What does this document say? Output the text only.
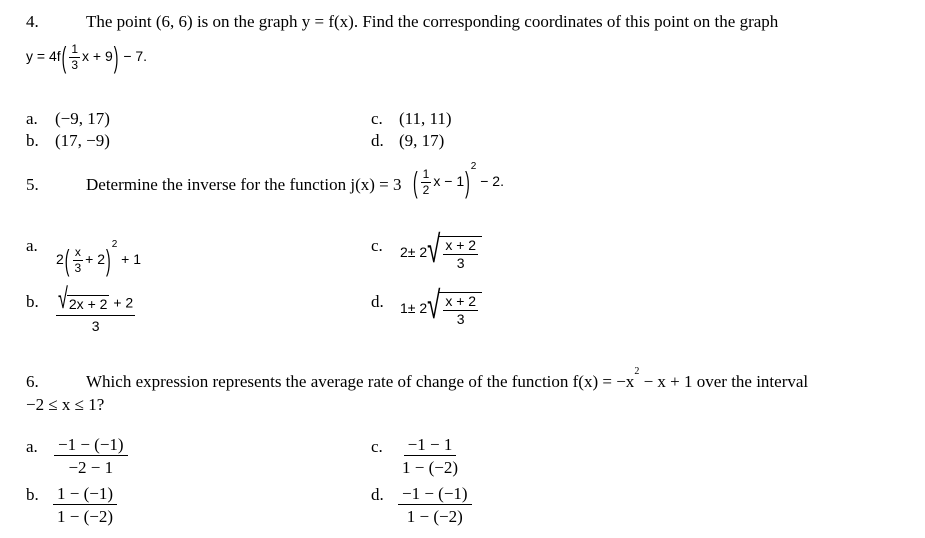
4.	The point (6, 6) is on the graph y = f(x). Find the corresponding coordinates of this point on the graph
$y = 4f( \frac{1}{3}$ x + 9) − 7.
a. (−9, 17)
b. (17, −9)
c. (11, 11)
d. (9, 17)
5.	Determine the inverse for the function j(x) = 3 ( $\frac{1}{2}$ x − 1)$^2$ − 2.
a.
$2( \frac{x}{3} + 2)^2 + 1$
b. √ 2x + 2 + 2
3
c. 2± 2 √ $\frac{x + 2}{3}$
d. 1± 2 √ $\frac{x + 2}{3}$
6.	Which expression represents the average rate of change of the function $f(x) = -x^2 - x + 1$ over the interval
−2 ≤ x ≤ 1?
a. $\frac{-1 - (-1)}{-2 - 1}$
b. $\frac{1 - (-1)}{1 - (-2)}$
c. $\frac{-1 - 1}{1 - (-2)}$
d. $\frac{-1 - (-1)}{1 - (-2)}$
